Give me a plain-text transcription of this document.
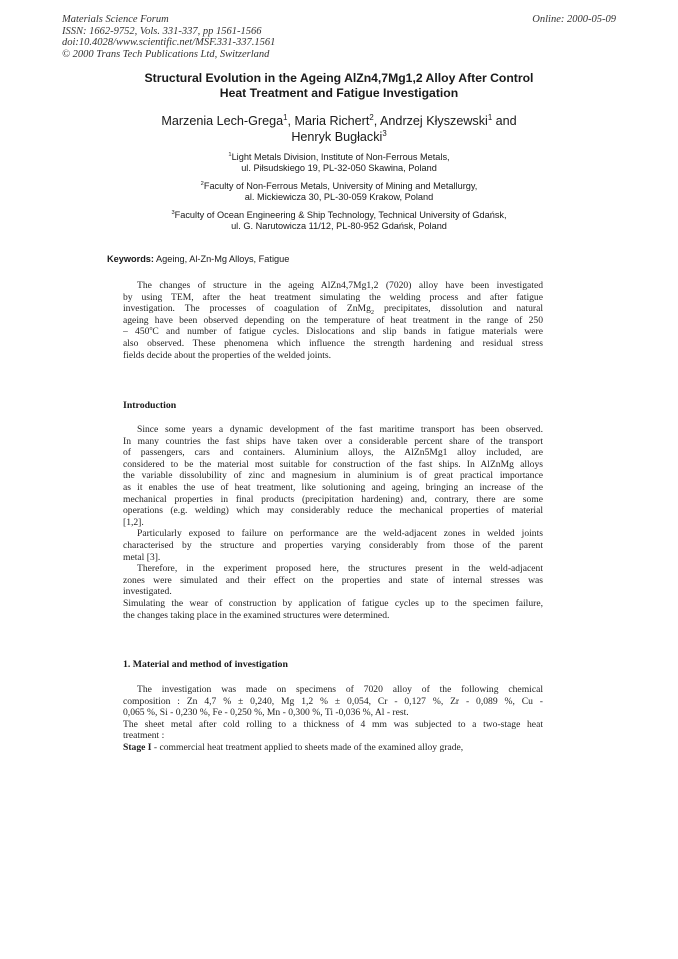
Materials Science Forum
ISSN: 1662-9752, Vols. 331-337, pp 1561-1566
doi:10.4028/www.scientific.net/MSF.331-337.1561
© 2000 Trans Tech Publications Ltd, Switzerland
Online: 2000-05-09
Structural Evolution in the Ageing AlZn4,7Mg1,2 Alloy After Control
Heat Treatment and Fatigue Investigation
Marzenia Lech-Grega$^1$, Maria Richert$^2$, Andrzej Kłyszewski$^1$ and
Henryk Bugłacki$^3$
$^1$Light Metals Division, Institute of Non-Ferrous Metals,
ul. Piłsudskiego 19, PL-32-050 Skawina, Poland
$^2$Faculty of Non-Ferrous Metals, University of Mining and Metallurgy,
al. Mickiewicza 30, PL-30-059 Krakow, Poland
$^3$Faculty of Ocean Engineering & Ship Technology, Technical University of Gdańsk,
ul. G. Narutowicza 11/12, PL-80-952 Gdańsk, Poland
Keywords: Ageing, Al-Zn-Mg Alloys, Fatigue
The changes of structure in the ageing AlZn4,7Mg1,2 (7020) alloy have been investigated
by using TEM, after the heat treatment simulating the welding process and after fatigue
investigation. The processes of coagulation of ZnMg$_2$ precipitates, dissolution and natural
ageing have been observed depending on the temperature of heat treatment in the range of 250
– 450$^o$C and number of fatigue cycles. Dislocations and slip bands in fatigue materials were
also observed. These phenomena which influence the strength hardening and residual stress
fields decide about the properties of the welded joints.
Introduction
Since some years a dynamic development of the fast maritime transport has been observed.
In many countries the fast ships have taken over a considerable percent share of the transport
of passengers, cars and containers. Aluminium alloys, the AlZn5Mg1 alloy included, are
considered to be the material most suitable for construction of the fast ships. In AlZnMg alloys
the variable dissolubility of zinc and magnesium in aluminium is of great practical importance
as it enables the use of heat treatment, like solutioning and ageing, bringing an increase of the
mechanical properties in final products (precipitation hardening) and, contrary, there are some
operations (e.g. welding) which may considerably reduce the mechanical properties of material
[1,2].
Particularly exposed to failure on performance are the weld-adjacent zones in welded joints
characterised by the structure and properties varying considerably from those of the parent
metal [3].
Therefore, in the experiment proposed here, the structures present in the weld-adjacent
zones were simulated and their effect on the properties and state of internal stresses was
investigated.
Simulating the wear of construction by application of fatigue cycles up to the specimen failure,
the changes taking place in the examined structures were determined.
1. Material and method of investigation
The investigation was made on specimens of 7020 alloy of the following chemical
composition : Zn 4,7 % ± 0,240, Mg 1,2 % ± 0,054, Cr - 0,127 %, Zr - 0,089 %, Cu -
0,065 %, Si - 0,230 %, Fe - 0,250 %, Mn - 0,300 %, Ti -0,036 %, Al - rest.
The sheet metal after cold rolling to a thickness of 4 mm was subjected to a two-stage heat
treatment :
Stage I - commercial heat treatment applied to sheets made of the examined alloy grade,
